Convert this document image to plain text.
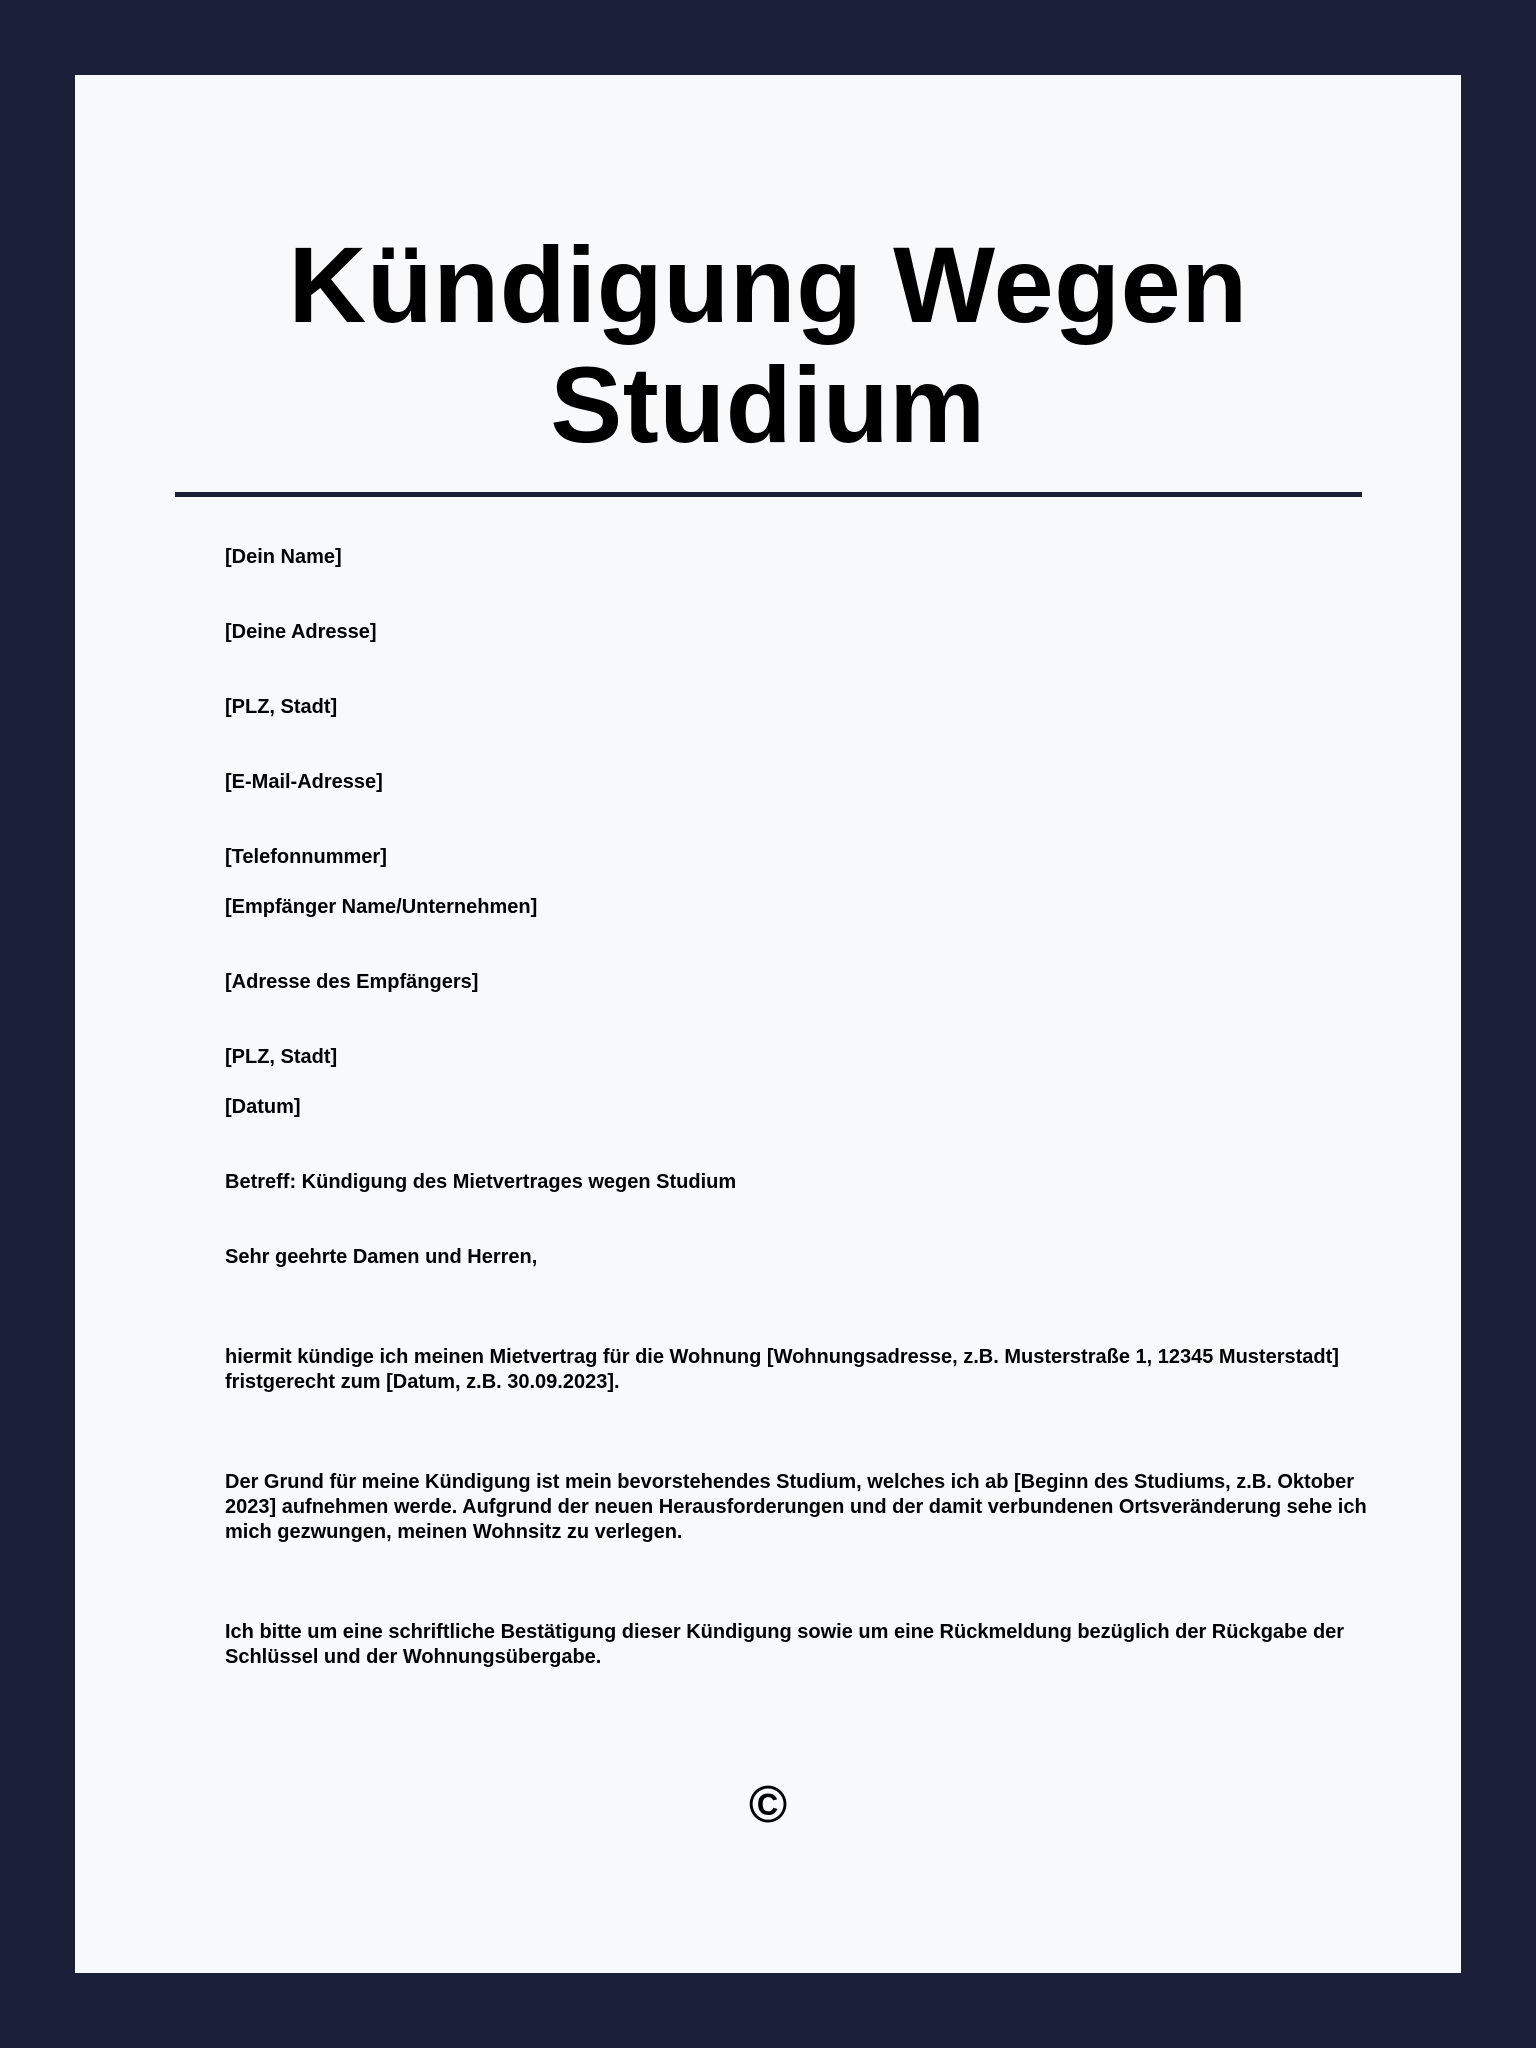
Kündigung Wegen Studium
[Dein Name]
[Deine Adresse]
[PLZ, Stadt]
[E-Mail-Adresse]
[Telefonnummer]
[Empfänger Name/Unternehmen]
[Adresse des Empfängers]
[PLZ, Stadt]
[Datum]
Betreff: Kündigung des Mietvertrages wegen Studium
Sehr geehrte Damen und Herren,
hiermit kündige ich meinen Mietvertrag für die Wohnung [Wohnungsadresse, z.B. Musterstraße 1, 12345 Musterstadt] fristgerecht zum [Datum, z.B. 30.09.2023].
Der Grund für meine Kündigung ist mein bevorstehendes Studium, welches ich ab [Beginn des Studiums, z.B. Oktober 2023] aufnehmen werde. Aufgrund der neuen Herausforderungen und der damit verbundenen Ortsveränderung sehe ich mich gezwungen, meinen Wohnsitz zu verlegen.
Ich bitte um eine schriftliche Bestätigung dieser Kündigung sowie um eine Rückmeldung bezüglich der Rückgabe der Schlüssel und der Wohnungsübergabe.
©
